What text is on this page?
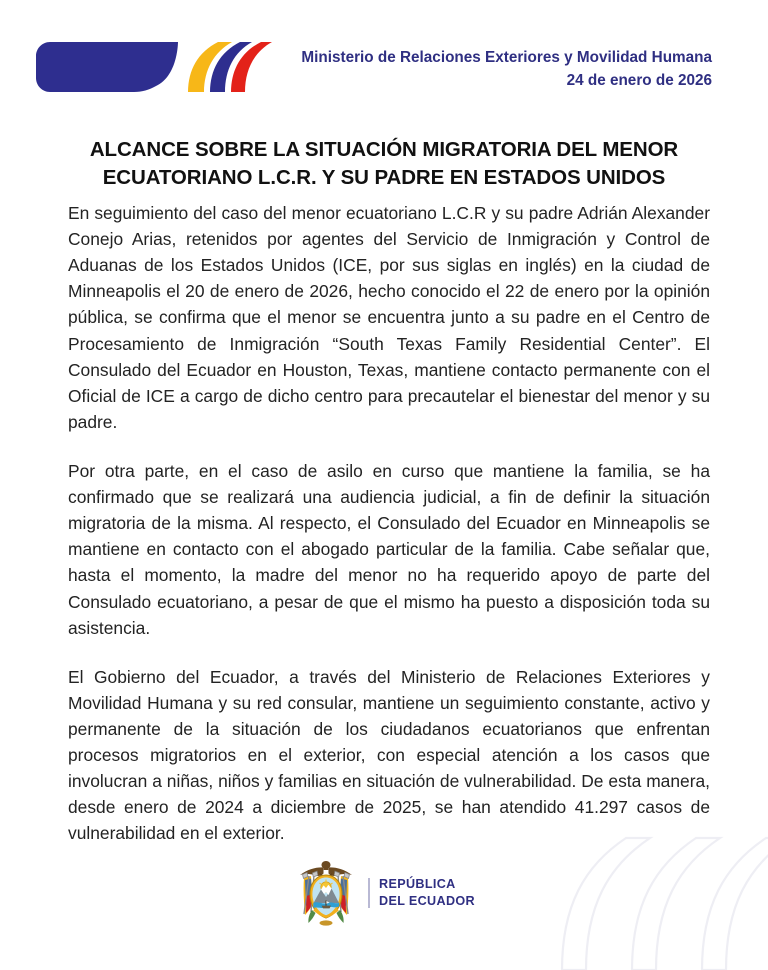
Boletín
Ministerio de Relaciones Exteriores y Movilidad Humana
24 de enero de 2026
ALCANCE SOBRE LA SITUACIÓN MIGRATORIA DEL MENOR ECUATORIANO L.C.R. Y SU PADRE EN ESTADOS UNIDOS

En seguimiento del caso del menor ecuatoriano L.C.R y su padre Adrián Alexander Conejo Arias, retenidos por agentes del Servicio de Inmigración y Control de Aduanas de los Estados Unidos (ICE, por sus siglas en inglés) en la ciudad de Minneapolis el 20 de enero de 2026, hecho conocido el 22 de enero por la opinión pública, se confirma que el menor se encuentra junto a su padre en el Centro de Procesamiento de Inmigración “South Texas Family Residential Center”. El Consulado del Ecuador en Houston, Texas, mantiene contacto permanente con el Oficial de ICE a cargo de dicho centro para precautelar el bienestar del menor y su padre.

Por otra parte, en el caso de asilo en curso que mantiene la familia, se ha confirmado que se realizará una audiencia judicial, a fin de definir la situación migratoria de la misma. Al respecto, el Consulado del Ecuador en Minneapolis se mantiene en contacto con el abogado particular de la familia. Cabe señalar que, hasta el momento, la madre del menor no ha requerido apoyo de parte del Consulado ecuatoriano, a pesar de que el mismo ha puesto a disposición toda su asistencia.

El Gobierno del Ecuador, a través del Ministerio de Relaciones Exteriores y Movilidad Humana y su red consular, mantiene un seguimiento constante, activo y permanente de la situación de los ciudadanos ecuatorianos que enfrentan procesos migratorios en el exterior, con especial atención a los casos que involucran a niñas, niños y familias en situación de vulnerabilidad. De esta manera, desde enero de 2024 a diciembre de 2025, se han atendido 41.297 casos de vulnerabilidad en el exterior.

REPÚBLICA
DEL ECUADOR
